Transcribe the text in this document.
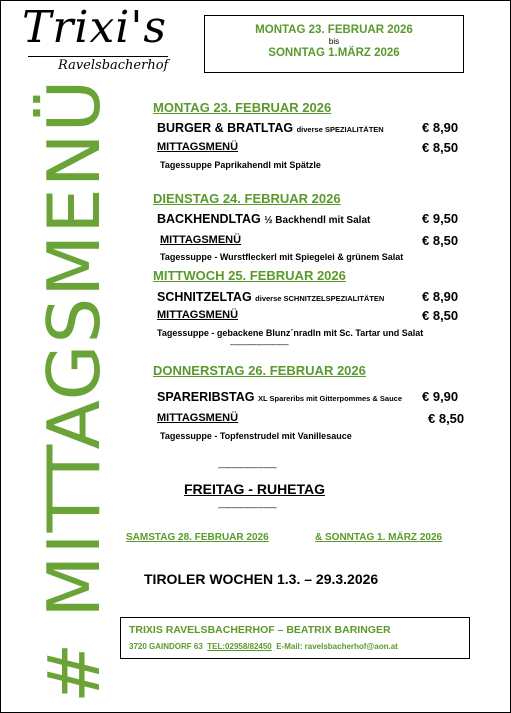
Trixi's
Ravelsbacherhof
MONTAG 23. FEBRUAR 2026
bis
SONNTAG 1.MÄRZ 2026
# MITTAGSMENÜ	MONTAG 23. FEBRUAR 2026
BURGER & BRATLTAG diverse SPEZIALITÄTEN	€ 8,90
MITTAGSMENÜ	€ 8,50
Tagessuppe Paprikahendl mit Spätzle
DIENSTAG 24. FEBRUAR 2026
BACKHENDLTAG ½ Backhendl mit Salat	€ 9,50
MITTAGSMENÜ	€ 8,50
Tagessuppe - Wurstfleckerl mit Spiegelei & grünem Salat
MITTWOCH 25. FEBRUAR 2026
SCHNITZELTAG diverse SCHNITZELSPEZIALITÄTEN	€ 8,90
MITTAGSMENÜ	€ 8,50
Tagessuppe - gebackene Blunz´nradln mit Sc. Tartar und Salat
---------------------------
DONNERSTAG 26. FEBRUAR 2026
SPARERIBSTAG XL Spareribs mit Gitterpommes & Sauce € 9,90
MITTAGSMENÜ	€ 8,50
Tagessuppe - Topfenstrudel mit Vanillesauce
---------------------------
FREITAG - RUHETAG
---------------------------
SAMSTAG 28. FEBRUAR 2026	& SONNTAG 1. MÄRZ 2026
TIROLER WOCHEN 1.3. – 29.3.2026
TRIXIS RAVELSBACHERHOF – BEATRIX BARINGER
3720 GAINDORF 63 TEL:02958/82450 E-Mail: ravelsbacherhof@aon.at
